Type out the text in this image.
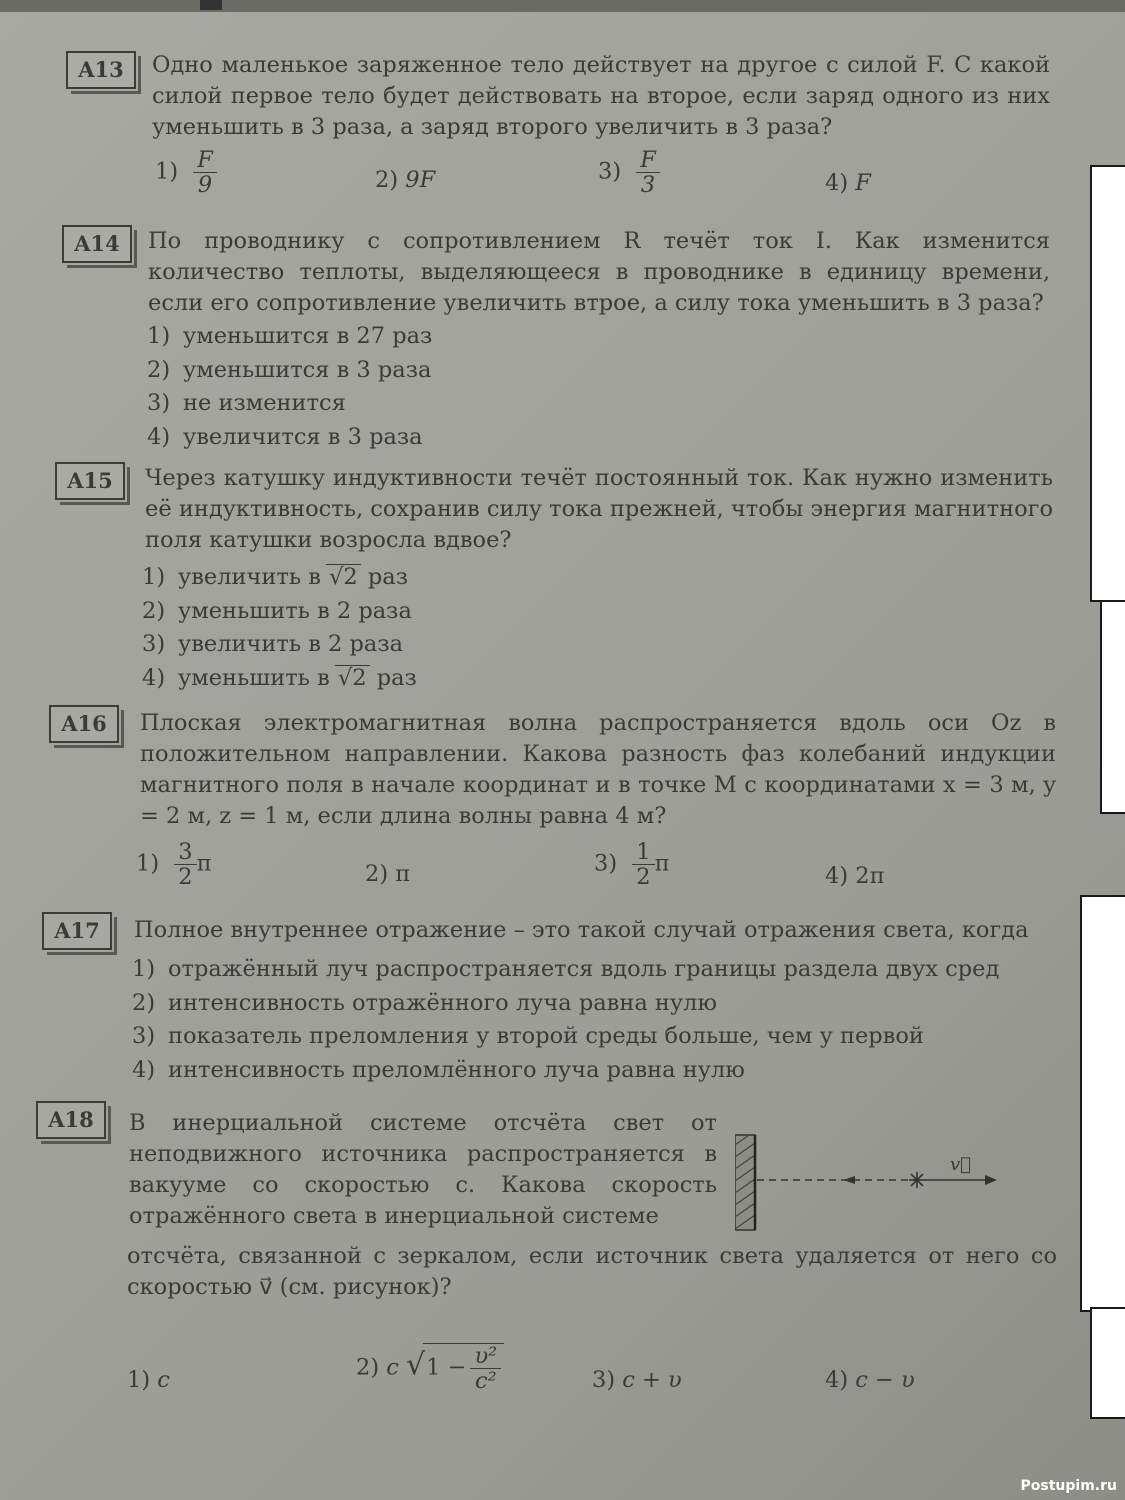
A13	Одно маленькое заряженное тело действует на другое с силой F. С какой силой первое тело будет действовать на второе, если заряд одного из них уменьшить в 3 раза, а заряд второго увеличить в 3 раза?
$1) \frac{F}{9}$	2) 9F	$3) \frac{F}{3}$	4) F
A14	По проводнику с сопротивлением R течёт ток I. Как изменится количество теплоты, выделяющееся в проводнике в единицу времени, если его сопротивление увеличить втрое, а силу тока уменьшить в 3 раза?
1) уменьшится в 27 раз
2) уменьшится в 3 раза
3) не изменится
4) увеличится в 3 раза
A15	Через катушку индуктивности течёт постоянный ток. Как нужно изменить её индуктивность, сохранив силу тока прежней, чтобы энергия магнитного поля катушки возросла вдвое?
1) увеличить в √2 раз
2) уменьшить в 2 раза
3) увеличить в 2 раза
4) уменьшить в √2 раз
A16	Плоская электромагнитная волна распространяется вдоль оси Oz в положительном направлении. Какова разность фаз колебаний индукции магнитного поля в начале координат и в точке M с координатами x = 3 м, y = 2 м, z = 1 м, если длина волны равна 4 м?
$1) \frac{3}{2}$ π	2) π	$3) \frac{1}{2}$ π	4) 2π
A17	Полное внутреннее отражение – это такой случай отражения света, когда
1) отражённый луч распространяется вдоль границы раздела двух сред
2) интенсивность отражённого луча равна нулю
3) показатель преломления у второй среды больше, чем у первой
4) интенсивность преломлённого луча равна нулю
A18	В инерциальной системе отсчёта свет от неподвижного источника распространяется в вакууме со скоростью c. Какова скорость отражённого света в инерциальной системе
отсчёта, связанной с зеркалом, если источник света удаляется от него со скоростью v⃗ (см. рисунок)?
v⃗
1) c	2) c $√1 - \frac{\text{υ²}}{\text{c²}}$	3) c + υ	4) c − υ
Postupim.ru
